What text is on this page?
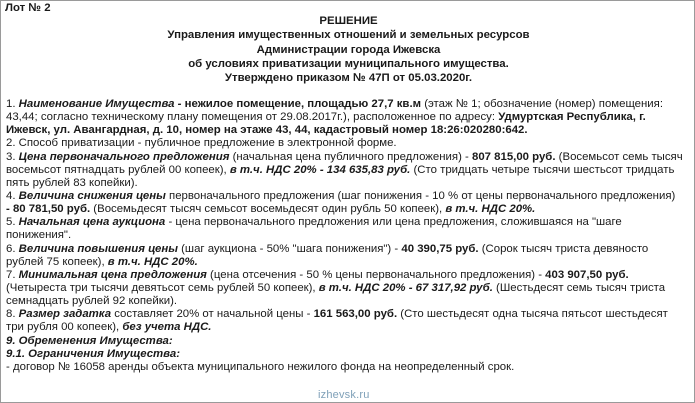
Лот № 2
РЕШЕНИЕ
Управления имущественных отношений и земельных ресурсов
Администрации города Ижевска
об условиях приватизации муниципального имущества.
Утверждено приказом № 47П от 05.03.2020г.
1. Наименование Имущества - нежилое помещение, площадью 27,7 кв.м (этаж № 1; обозначение (номер) помещения:
43,44; согласно техническому плану помещения от 29.08.2017г.), расположенное по адресу: Удмуртская Республика, г.
Ижевск, ул. Авангардная, д. 10, номер на этаже 43, 44, кадастровый номер 18:26:020280:642.
2. Способ приватизации - публичное предложение в электронной форме.
3. Цена первоначального предложения (начальная цена публичного предложения) - 807 815,00 руб. (Восемьсот семь тысяч
восемьсот пятнадцать рублей 00 копеек), в т.ч. НДС 20% - 134 635,83 руб. (Сто тридцать четыре тысячи шестьсот тридцать
пять рублей 83 копейки).
4. Величина снижения цены первоначального предложения (шаг понижения - 10 % от цены первоначального предложения)
- 80 781,50 руб. (Восемьдесят тысяч семьсот восемьдесят один рубль 50 копеек), в т.ч. НДС 20%.
5. Начальная цена аукциона - цена первоначального предложения или цена предложения, сложившаяся на "шаге
понижения".
6. Величина повышения цены (шаг аукциона - 50% "шага понижения") - 40 390,75 руб. (Сорок тысяч триста девяносто
рублей 75 копеек), в т.ч. НДС 20%.
7. Минимальная цена предложения (цена отсечения - 50 % цены первоначального предложения) - 403 907,50 руб.
(Четыреста три тысячи девятьсот семь рублей 50 копеек), в т.ч. НДС 20% - 67 317,92 руб. (Шестьдесят семь тысяч триста
семнадцать рублей 92 копейки).
8. Размер задатка составляет 20% от начальной цены - 161 563,00 руб. (Сто шестьдесят одна тысяча пятьсот шестьдесят
три рубля 00 копеек), без учета НДС.
9. Обременения Имущества:
9.1. Ограничения Имущества:
- договор № 16058 аренды объекта муниципального нежилого фонда на неопределенный срок.
izhevsk.ru
